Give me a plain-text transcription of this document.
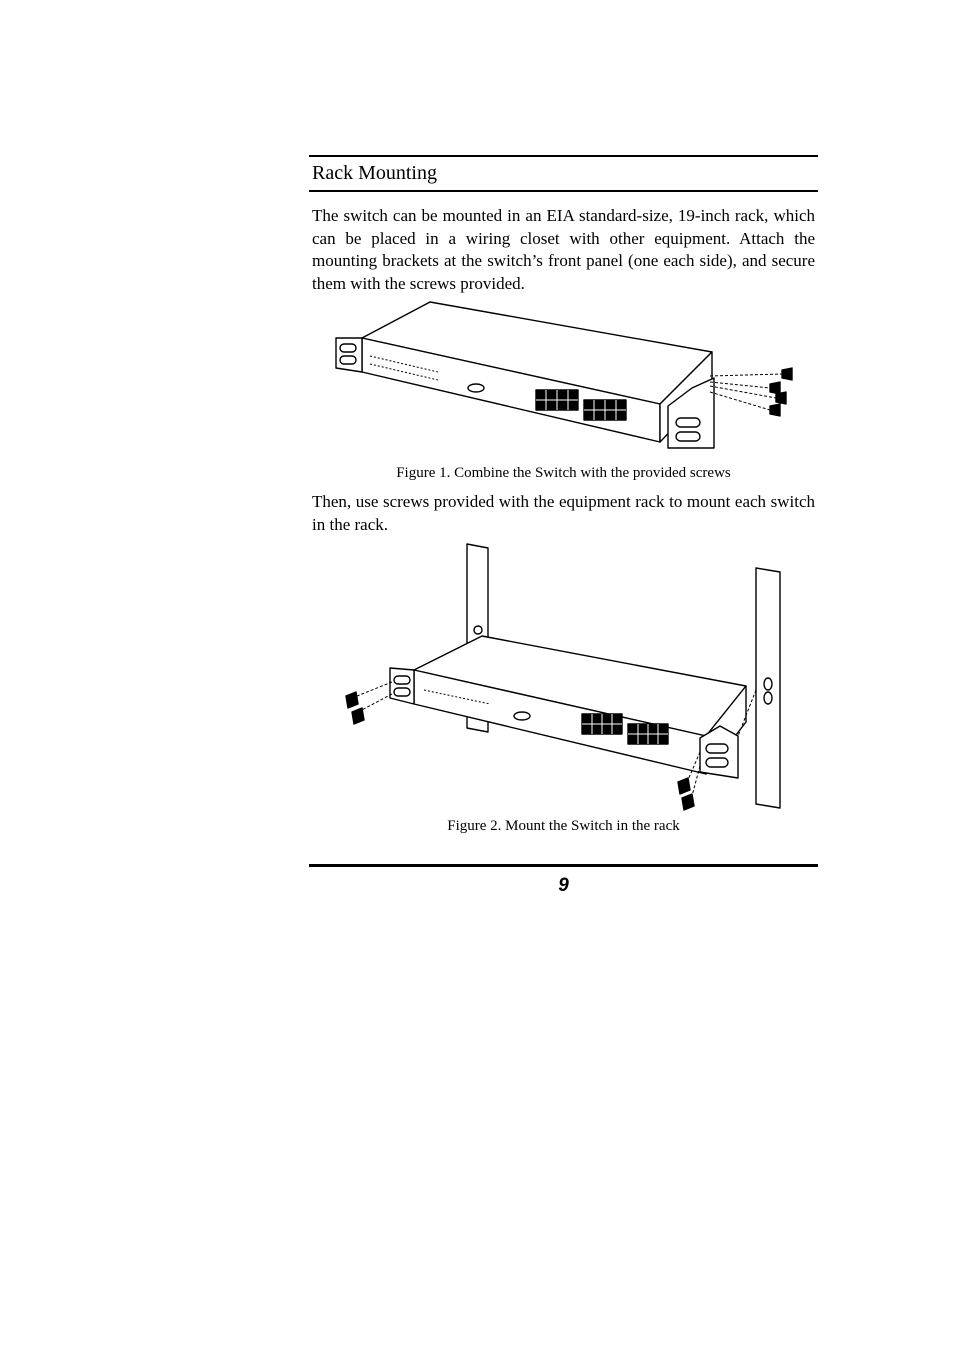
Rack Mounting

The switch can be mounted in an EIA standard-size, 19-inch rack, which can be placed in a wiring closet with other equipment. Attach the mounting brackets at the switch’s front panel (one each side), and secure them with the screws provided.

Figure 1. Combine the Switch with the provided screws

Then, use screws provided with the equipment rack to mount each switch in the rack.

Figure 2. Mount the Switch in the rack
9
